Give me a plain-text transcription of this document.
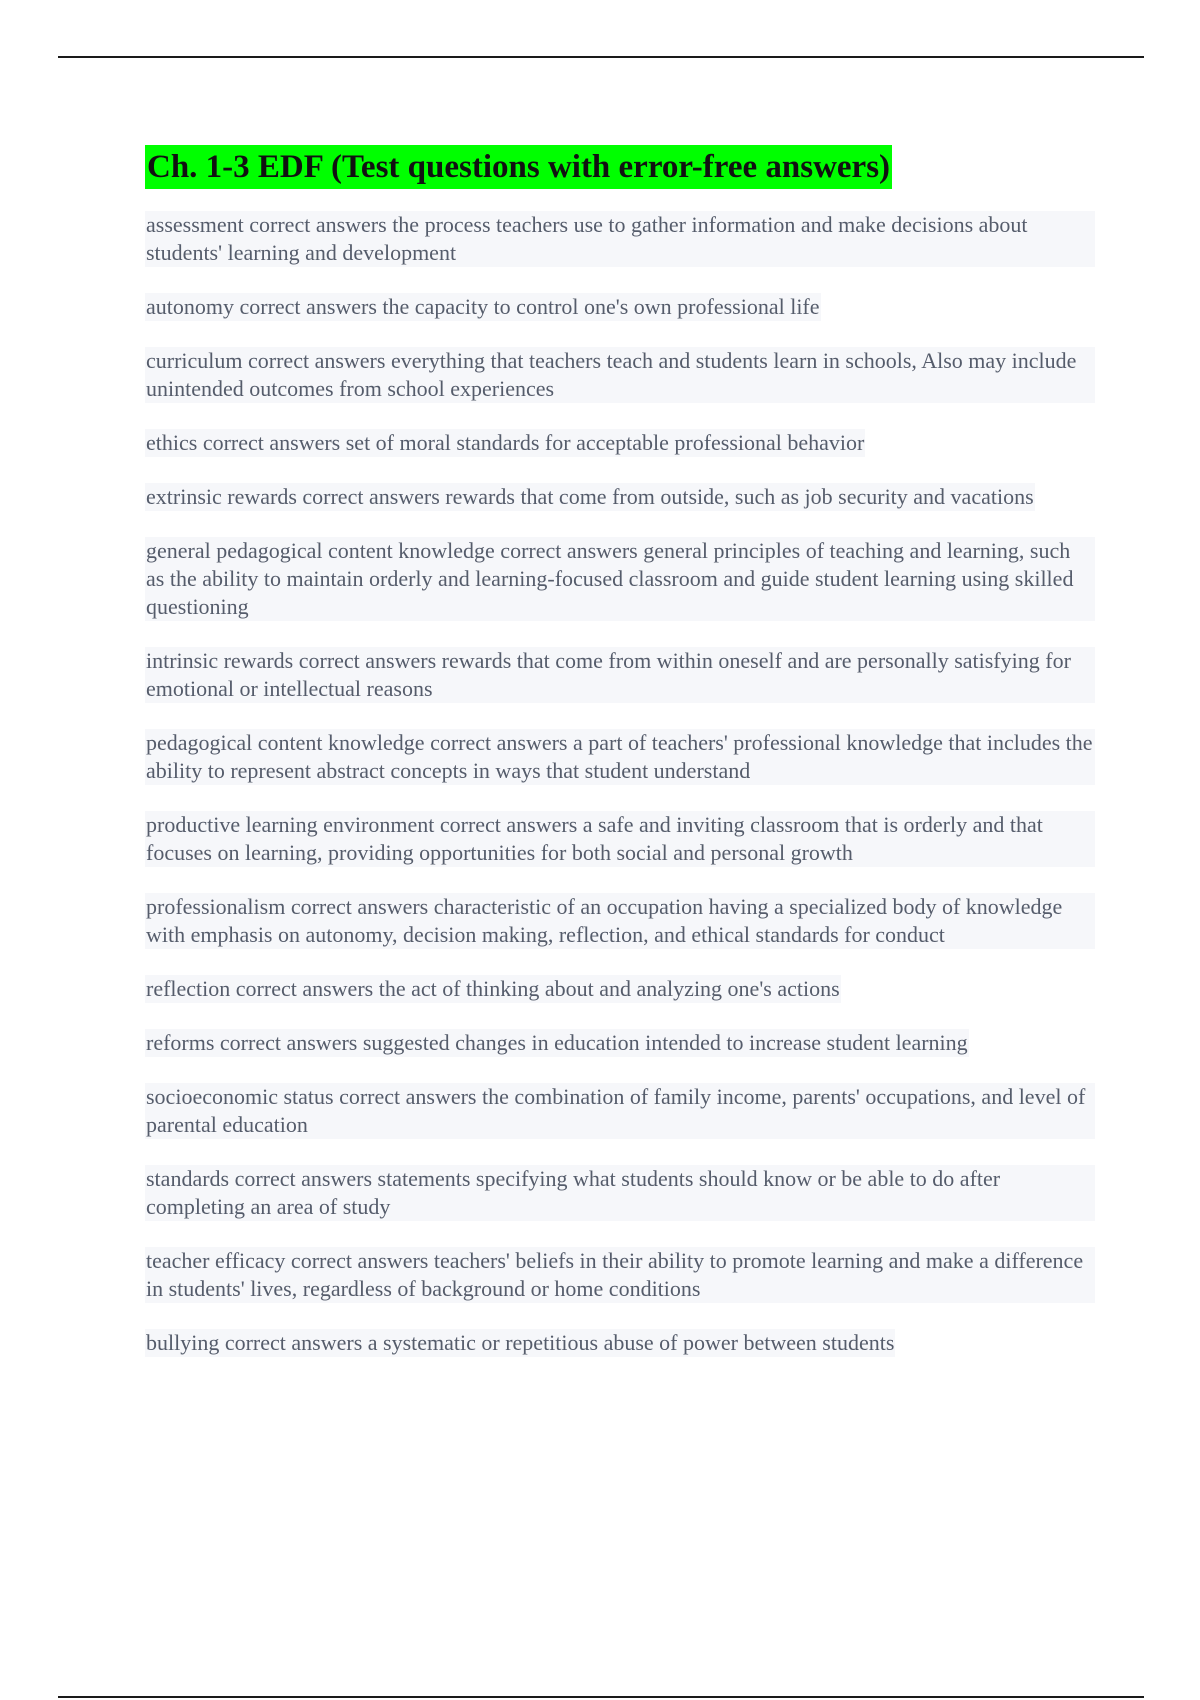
Ch. 1-3 EDF (Test questions with error-free answers)

assessment correct answers the process teachers use to gather information and make decisions about students' learning and development

autonomy correct answers the capacity to control one's own professional life

curriculum correct answers everything that teachers teach and students learn in schools, Also may include unintended outcomes from school experiences

ethics correct answers set of moral standards for acceptable professional behavior

extrinsic rewards correct answers rewards that come from outside, such as job security and vacations

general pedagogical content knowledge correct answers general principles of teaching and learning, such as the ability to maintain orderly and learning-focused classroom and guide student learning using skilled questioning

intrinsic rewards correct answers rewards that come from within oneself and are personally satisfying for emotional or intellectual reasons

pedagogical content knowledge correct answers a part of teachers' professional knowledge that includes the ability to represent abstract concepts in ways that student understand

productive learning environment correct answers a safe and inviting classroom that is orderly and that focuses on learning, providing opportunities for both social and personal growth

professionalism correct answers characteristic of an occupation having a specialized body of knowledge with emphasis on autonomy, decision making, reflection, and ethical standards for conduct

reflection correct answers the act of thinking about and analyzing one's actions

reforms correct answers suggested changes in education intended to increase student learning

socioeconomic status correct answers the combination of family income, parents' occupations, and level of parental education

standards correct answers statements specifying what students should know or be able to do after completing an area of study

teacher efficacy correct answers teachers' beliefs in their ability to promote learning and make a difference in students' lives, regardless of background or home conditions

bullying correct answers a systematic or repetitious abuse of power between students
